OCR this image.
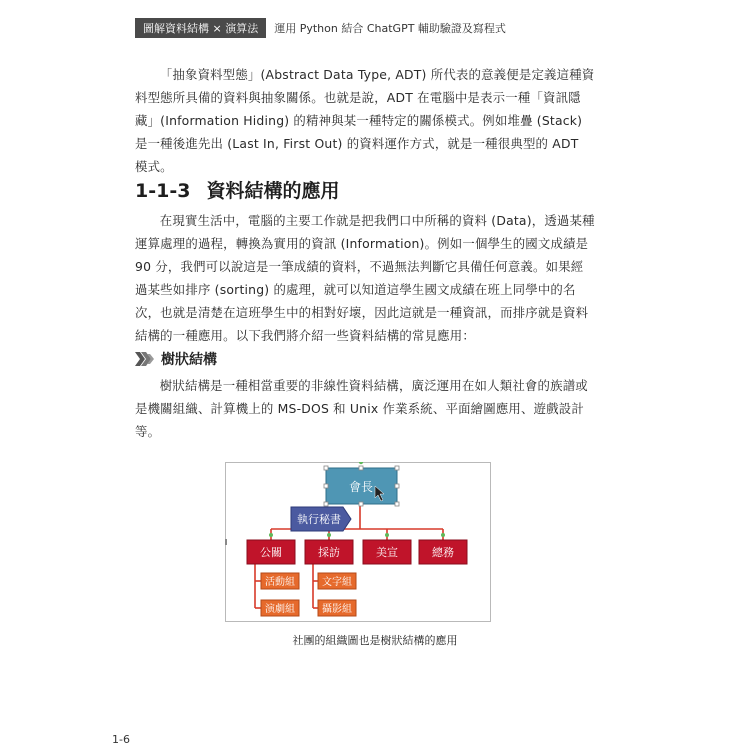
圖解資料結構 × 演算法	運用 Python 結合 ChatGPT 輔助驗證及寫程式

「抽象資料型態」(Abstract Data Type, ADT) 所代表的意義便是定義這種資料型態所具備的資料與抽象關係。也就是說，ADT 在電腦中是表示一種「資訊隱藏」(Information Hiding) 的精神與某一種特定的關係模式。例如堆疊 (Stack) 是一種後進先出 (Last In, First Out) 的資料運作方式，就是一種很典型的 ADT 模式。

1-1-3 資料結構的應用

在現實生活中，電腦的主要工作就是把我們口中所稱的資料 (Data)，透過某種運算處理的過程，轉換為實用的資訊 (Information)。例如一個學生的國文成績是 90 分，我們可以說這是一筆成績的資料，不過無法判斷它具備任何意義。如果經過某些如排序 (sorting) 的處理，就可以知道這學生國文成績在班上同學中的名次，也就是清楚在這班學生中的相對好壞，因此這就是一種資訊，而排序就是資料結構的一種應用。以下我們將介紹一些資料結構的常見應用：

樹狀結構

樹狀結構是一種相當重要的非線性資料結構，廣泛運用在如人類社會的族譜或是機關組織、計算機上的 MS-DOS 和 Unix 作業系統、平面繪圖應用、遊戲設計等。

會長
執行秘書
公關	採訪	美宣	總務
活動組
演劇組
文字組
攝影組
社團的組織圖也是樹狀結構的應用
1-6
